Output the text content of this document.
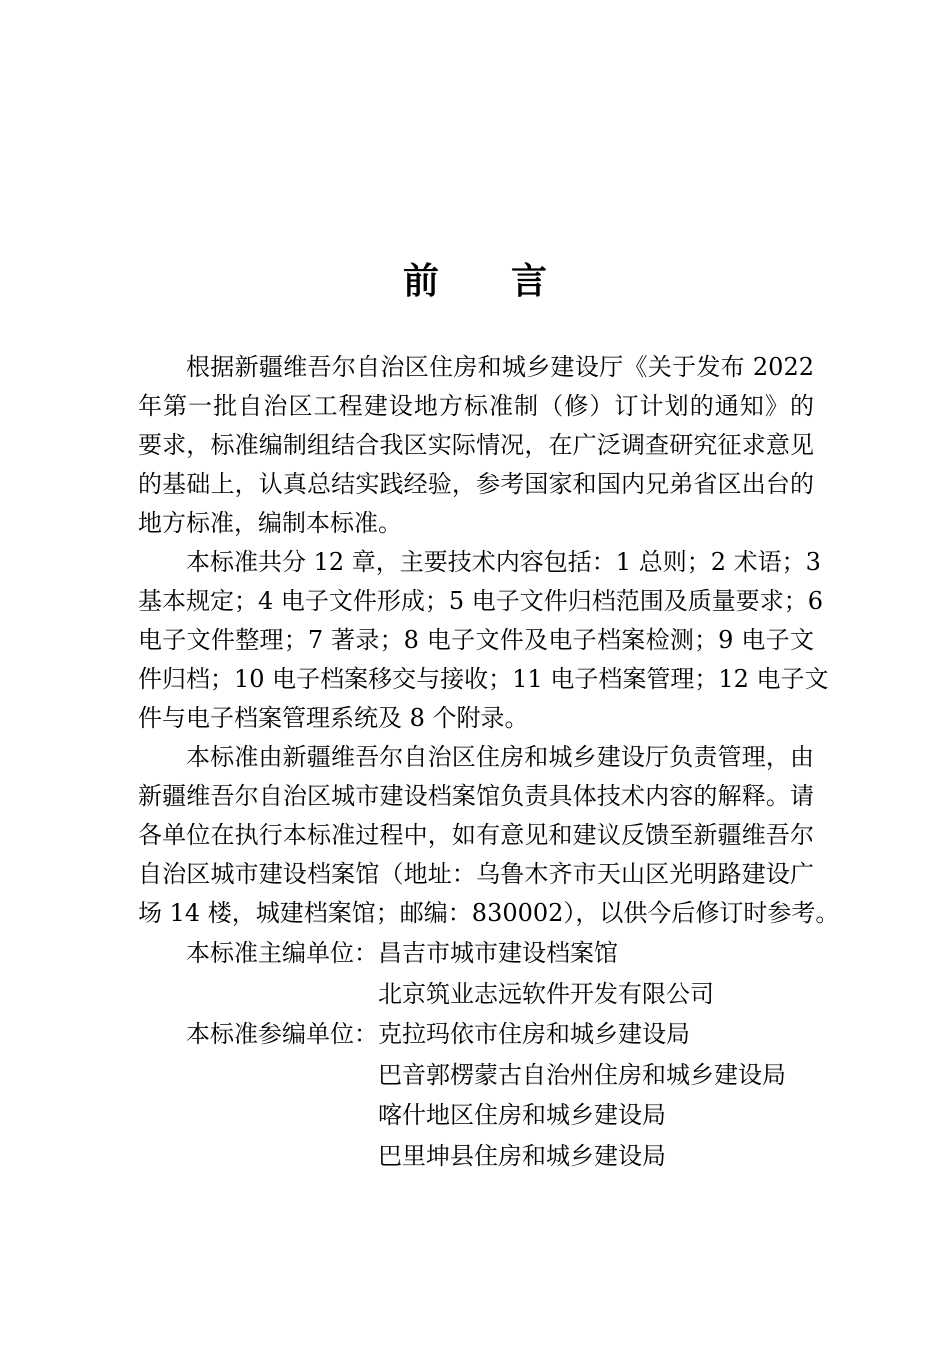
前 言
根据新疆维吾尔自治区住房和城乡建设厅《关于发布 2022
年第一批自治区工程建设地方标准制（修）订计划的通知》的
要求，标准编制组结合我区实际情况，在广泛调查研究征求意见
的基础上，认真总结实践经验，参考国家和国内兄弟省区出台的
地方标准，编制本标准。
本标准共分 12 章，主要技术内容包括：1 总则；2 术语；3
基本规定；4 电子文件形成；5 电子文件归档范围及质量要求；6
电子文件整理；7 著录；8 电子文件及电子档案检测；9 电子文
件归档；10 电子档案移交与接收；11 电子档案管理；12 电子文
件与电子档案管理系统及 8 个附录。
本标准由新疆维吾尔自治区住房和城乡建设厅负责管理，由
新疆维吾尔自治区城市建设档案馆负责具体技术内容的解释。请
各单位在执行本标准过程中，如有意见和建议反馈至新疆维吾尔
自治区城市建设档案馆（地址：乌鲁木齐市天山区光明路建设广
场 14 楼，城建档案馆；邮编：830002），以供今后修订时参考。
本标准主编单位： 昌吉市城市建设档案馆
北京筑业志远软件开发有限公司
本标准参编单位： 克拉玛依市住房和城乡建设局
巴音郭楞蒙古自治州住房和城乡建设局
喀什地区住房和城乡建设局
巴里坤县住房和城乡建设局
